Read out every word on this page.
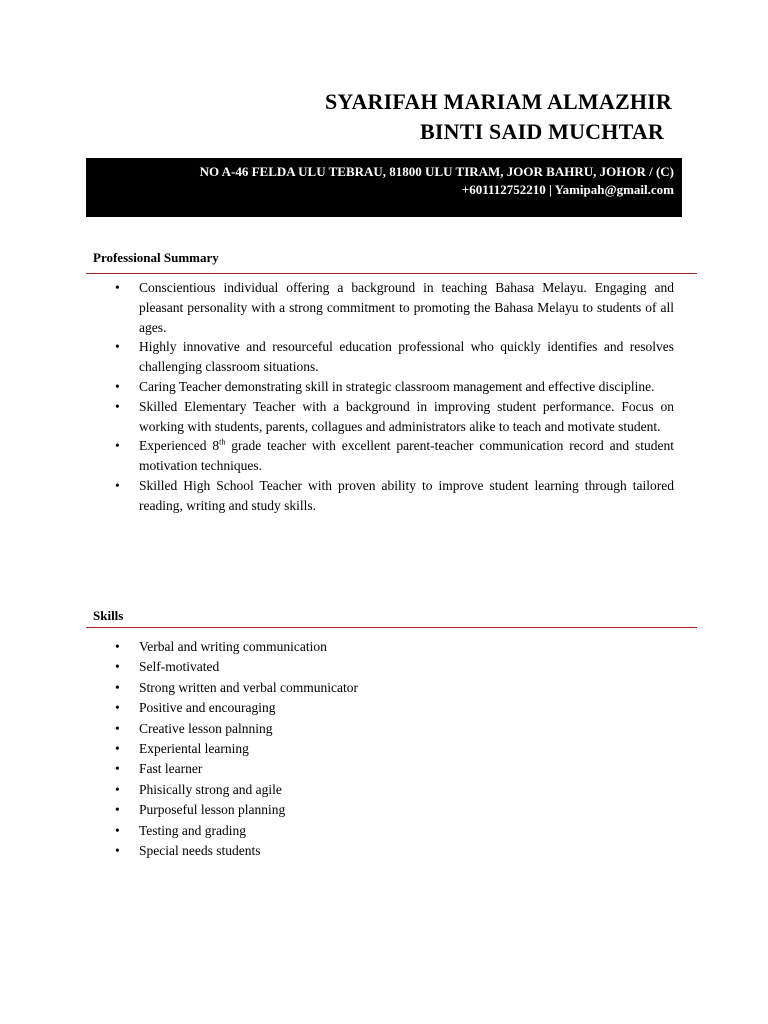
SYARIFAH MARIAM ALMAZHIR
BINTI SAID MUCHTAR
NO A-46 FELDA ULU TEBRAU, 81800 ULU TIRAM, JOOR BAHRU, JOHOR / (C)
+601112752210 | Yamipah@gmail.com
Professional Summary
• Conscientious individual offering a background in teaching Bahasa Melayu. Engaging and pleasant personality with a strong commitment to promoting the Bahasa Melayu to students of all ages.
• Highly innovative and resourceful education professional who quickly identifies and resolves challenging classroom situations.
• Caring Teacher demonstrating skill in strategic classroom management and effective discipline.
• Skilled Elementary Teacher with a background in improving student performance. Focus on working with students, parents, collagues and administrators alike to teach and motivate student.
• Experienced 8th grade teacher with excellent parent-teacher communication record and student motivation techniques.
• Skilled High School Teacher with proven ability to improve student learning through tailored reading, writing and study skills.
Skills
• Verbal and writing communication
• Self-motivated
• Strong written and verbal communicator
• Positive and encouraging
• Creative lesson palnning
• Experiental learning
• Fast learner
• Phisically strong and agile
• Purposeful lesson planning
• Testing and grading
• Special needs students
